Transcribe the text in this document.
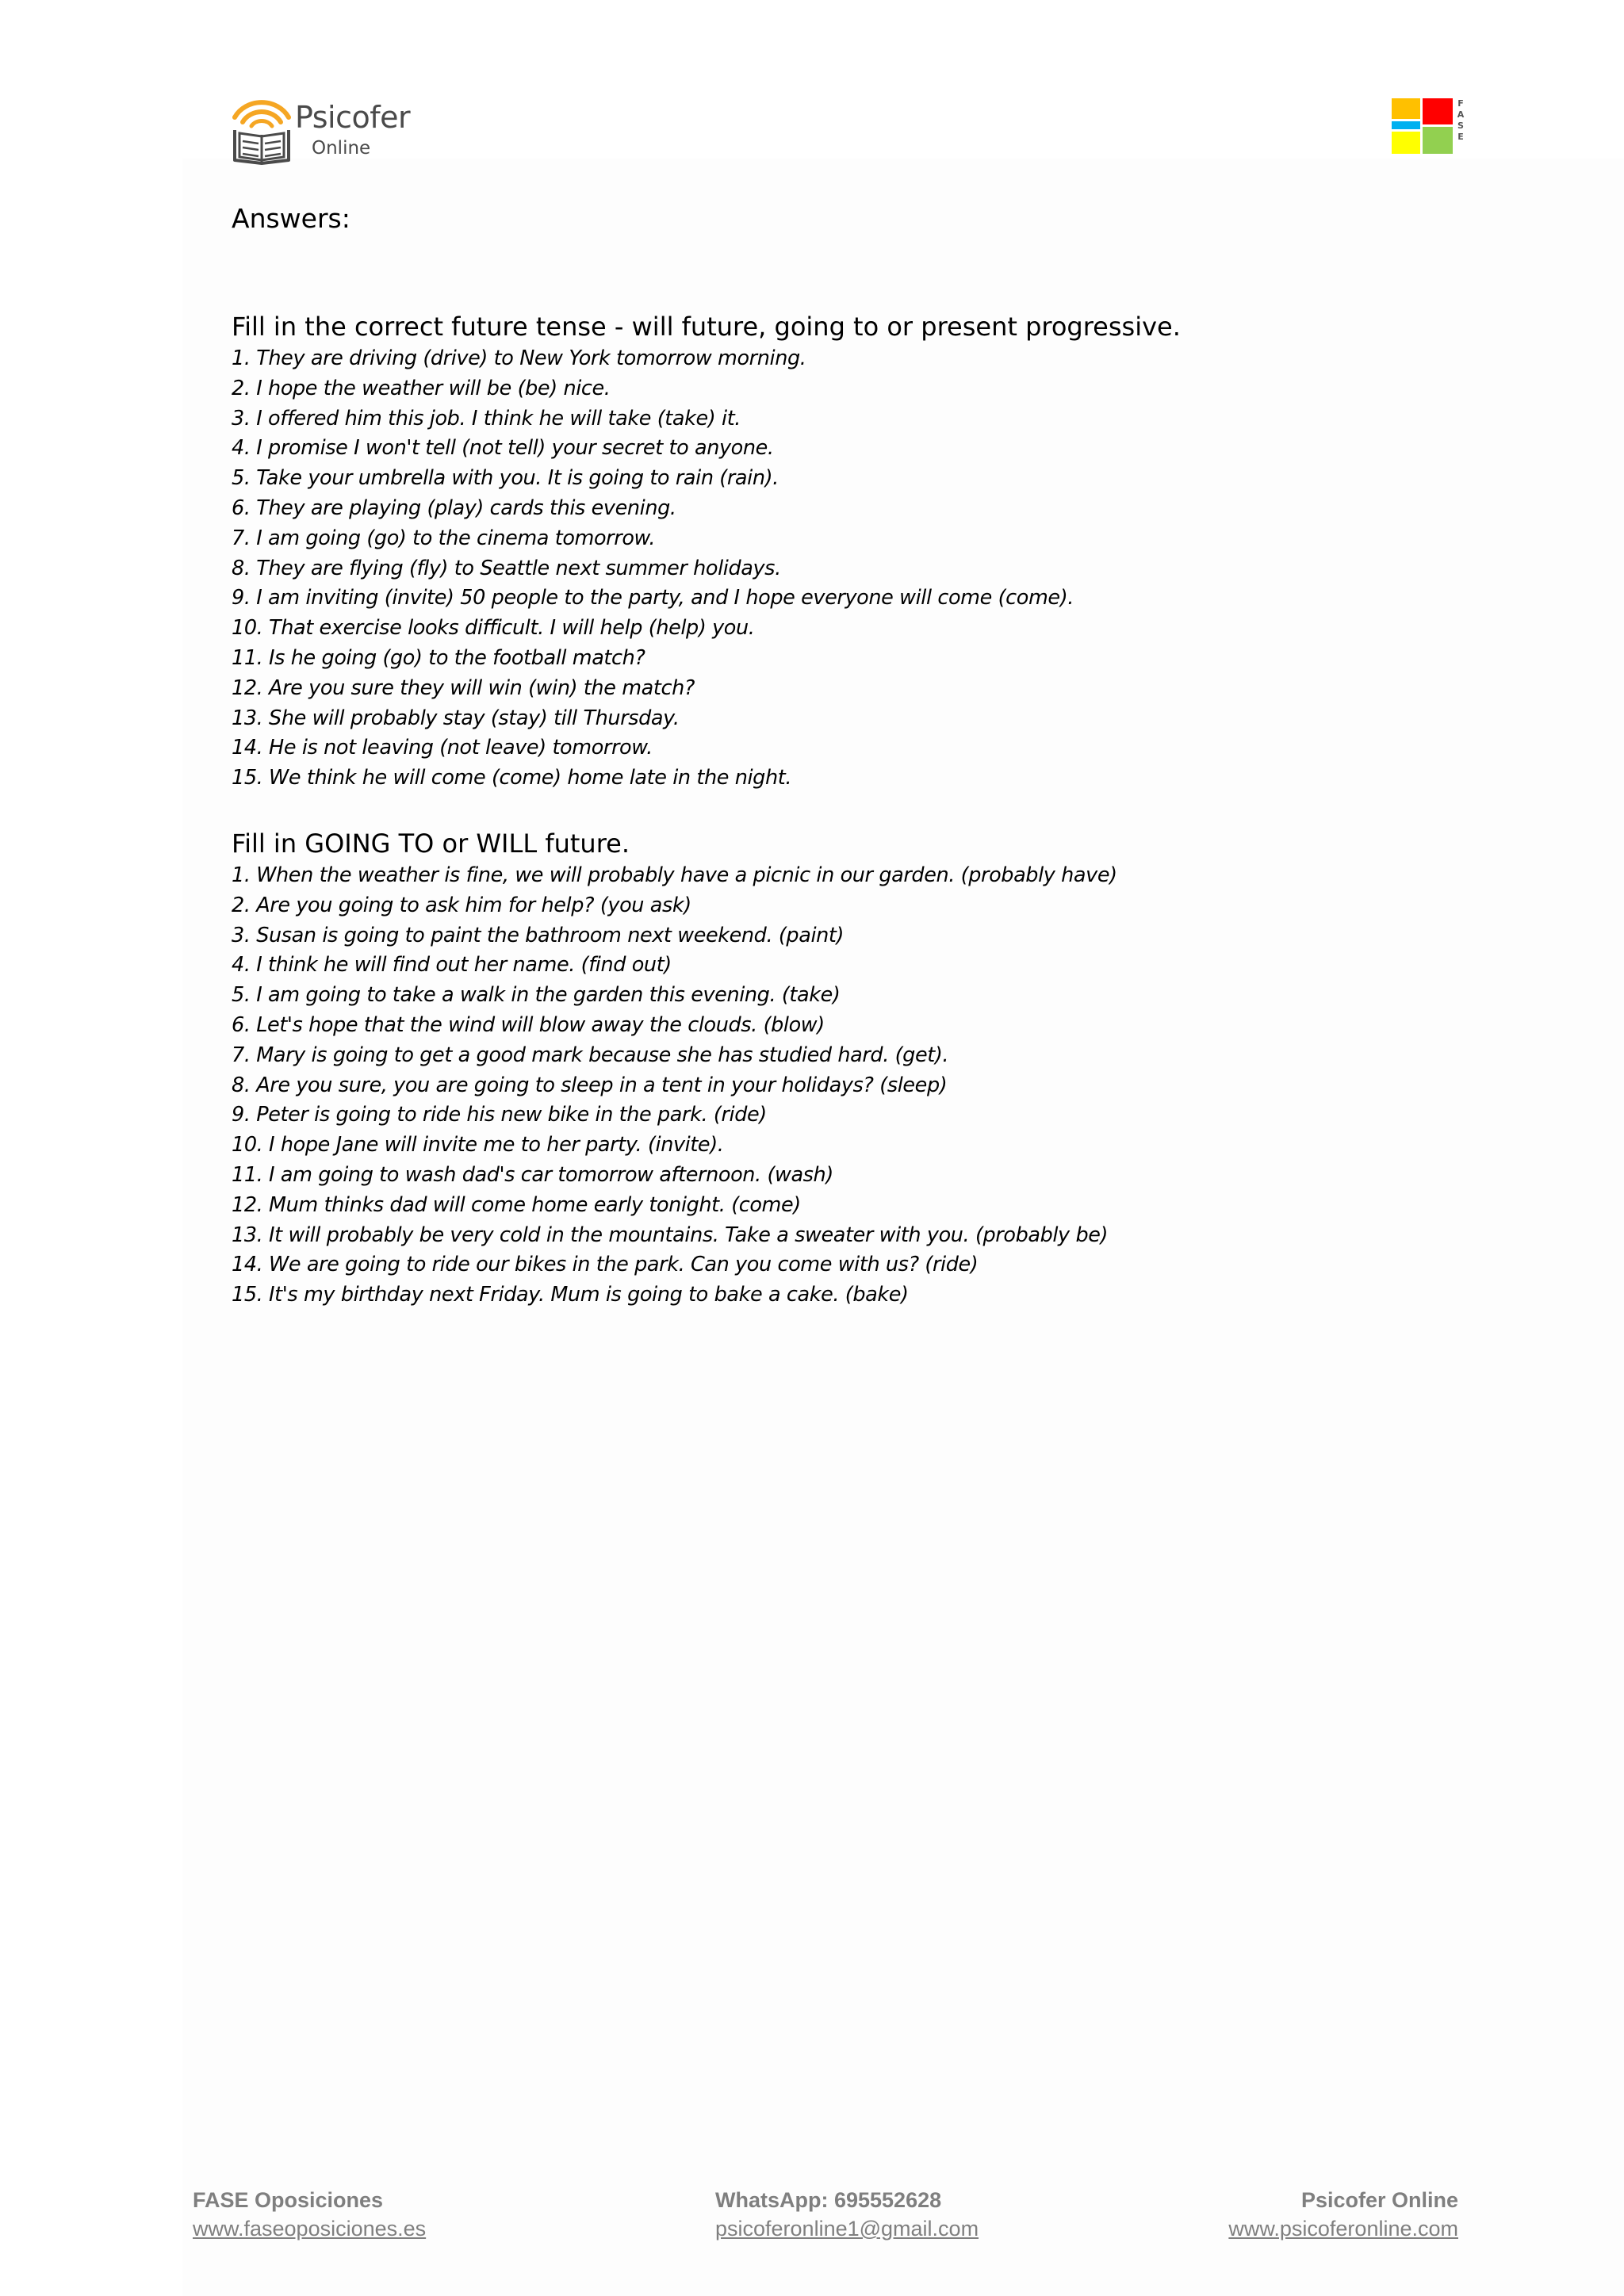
Psicofer
Online
F
A
S
E
Answers:
Fill in the correct future tense - will future, going to or present progressive.
1. They are driving (drive) to New York tomorrow morning.
2. I hope the weather will be (be) nice.
3. I offered him this job. I think he will take (take) it.
4. I promise I won't tell (not tell) your secret to anyone.
5. Take your umbrella with you. It is going to rain (rain).
6. They are playing (play) cards this evening.
7. I am going (go) to the cinema tomorrow.
8. They are flying (fly) to Seattle next summer holidays.
9. I am inviting (invite) 50 people to the party, and I hope everyone will come (come).
10. That exercise looks difficult. I will help (help) you.
11. Is he going (go) to the football match?
12. Are you sure they will win (win) the match?
13. She will probably stay (stay) till Thursday.
14. He is not leaving (not leave) tomorrow.
15. We think he will come (come) home late in the night.
Fill in GOING TO or WILL future.
1. When the weather is fine, we will probably have a picnic in our garden. (probably have)
2. Are you going to ask him for help? (you ask)
3. Susan is going to paint the bathroom next weekend. (paint)
4. I think he will find out her name. (find out)
5. I am going to take a walk in the garden this evening. (take)
6. Let's hope that the wind will blow away the clouds. (blow)
7. Mary is going to get a good mark because she has studied hard. (get).
8. Are you sure, you are going to sleep in a tent in your holidays? (sleep)
9. Peter is going to ride his new bike in the park. (ride)
10. I hope Jane will invite me to her party. (invite).
11. I am going to wash dad's car tomorrow afternoon. (wash)
12. Mum thinks dad will come home early tonight. (come)
13. It will probably be very cold in the mountains. Take a sweater with you. (probably be)
14. We are going to ride our bikes in the park. Can you come with us? (ride)
15. It's my birthday next Friday. Mum is going to bake a cake. (bake)
FASE Oposiciones
www.faseoposiciones.es
WhatsApp: 695552628
psicoferonline1@gmail.com
Psicofer Online
www.psicoferonline.com
